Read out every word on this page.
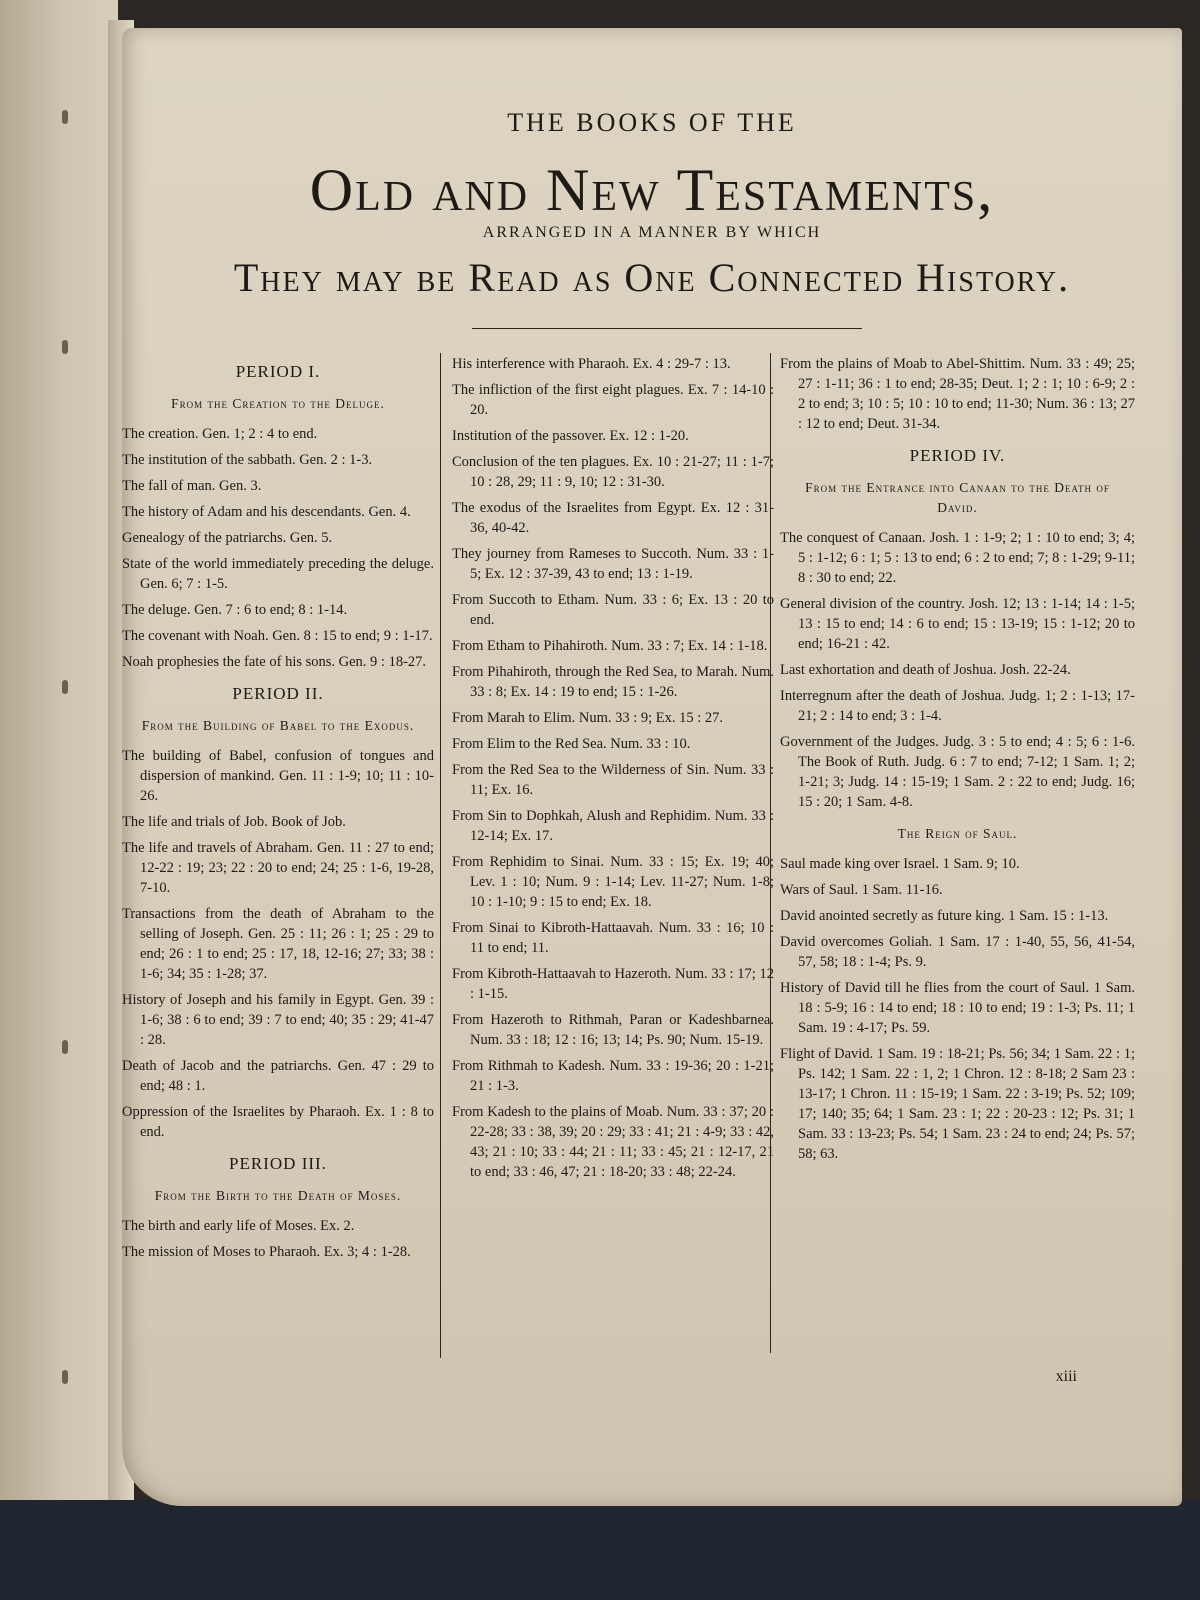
THE BOOKS OF THE
Old and New Testaments,
ARRANGED IN A MANNER BY WHICH
They may be Read as One Connected History.
PERIOD I.
From the Creation to the Deluge.
The creation. Gen. 1; 2 : 4 to end.
The institution of the sabbath. Gen. 2 : 1-3.
The fall of man. Gen. 3.
The history of Adam and his descendants. Gen. 4.
Genealogy of the patriarchs. Gen. 5.
State of the world immediately preceding the deluge. Gen. 6; 7 : 1-5.
The deluge. Gen. 7 : 6 to end; 8 : 1-14.
The covenant with Noah. Gen. 8 : 15 to end; 9 : 1-17.
Noah prophesies the fate of his sons. Gen. 9 : 18-27.
PERIOD II.
From the Building of Babel to the Exodus.
The building of Babel, confusion of tongues and dispersion of mankind. Gen. 11 : 1-9; 10; 11 : 10-26.
The life and trials of Job. Book of Job.
The life and travels of Abraham. Gen. 11 : 27 to end; 12-22 : 19; 23; 22 : 20 to end; 24; 25 : 1-6, 19-28, 7-10.
Transactions from the death of Abraham to the selling of Joseph. Gen. 25 : 11; 26 : 1; 25 : 29 to end; 26 : 1 to end; 25 : 17, 18, 12-16; 27; 33; 38 : 1-6; 34; 35 : 1-28; 37.
History of Joseph and his family in Egypt. Gen. 39 : 1-6; 38 : 6 to end; 39 : 7 to end; 40; 35 : 29; 41-47 : 28.
Death of Jacob and the patriarchs. Gen. 47 : 29 to end; 48 : 1.
Oppression of the Israelites by Pharaoh. Ex. 1 : 8 to end.
PERIOD III.
From the Birth to the Death of Moses.
The birth and early life of Moses. Ex. 2.
The mission of Moses to Pharaoh. Ex. 3; 4 : 1-28.
His interference with Pharaoh. Ex. 4 : 29-7 : 13.
The infliction of the first eight plagues. Ex. 7 : 14-10 : 20.
Institution of the passover. Ex. 12 : 1-20.
Conclusion of the ten plagues. Ex. 10 : 21-27; 11 : 1-7; 10 : 28, 29; 11 : 9, 10; 12 : 31-30.
The exodus of the Israelites from Egypt. Ex. 12 : 31-36, 40-42.
They journey from Rameses to Succoth. Num. 33 : 1-5; Ex. 12 : 37-39, 43 to end; 13 : 1-19.
From Succoth to Etham. Num. 33 : 6; Ex. 13 : 20 to end.
From Etham to Pihahiroth. Num. 33 : 7; Ex. 14 : 1-18.
From Pihahiroth, through the Red Sea, to Marah. Num. 33 : 8; Ex. 14 : 19 to end; 15 : 1-26.
From Marah to Elim. Num. 33 : 9; Ex. 15 : 27.
From Elim to the Red Sea. Num. 33 : 10.
From the Red Sea to the Wilderness of Sin. Num. 33 : 11; Ex. 16.
From Sin to Dophkah, Alush and Rephidim. Num. 33 : 12-14; Ex. 17.
From Rephidim to Sinai. Num. 33 : 15; Ex. 19; 40; Lev. 1 : 10; Num. 9 : 1-14; Lev. 11-27; Num. 1-8; 10 : 1-10; 9 : 15 to end; Ex. 18.
From Sinai to Kibroth-Hattaavah. Num. 33 : 16; 10 : 11 to end; 11.
From Kibroth-Hattaavah to Hazeroth. Num. 33 : 17; 12 : 1-15.
From Hazeroth to Rithmah, Paran or Kadeshbarnea. Num. 33 : 18; 12 : 16; 13; 14; Ps. 90; Num. 15-19.
From Rithmah to Kadesh. Num. 33 : 19-36; 20 : 1-21; 21 : 1-3.
From Kadesh to the plains of Moab. Num. 33 : 37; 20 : 22-28; 33 : 38, 39; 20 : 29; 33 : 41; 21 : 4-9; 33 : 42, 43; 21 : 10; 33 : 44; 21 : 11; 33 : 45; 21 : 12-17, 21 to end; 33 : 46, 47; 21 : 18-20; 33 : 48; 22-24.
From the plains of Moab to Abel-Shittim. Num. 33 : 49; 25; 27 : 1-11; 36 : 1 to end; 28-35; Deut. 1; 2 : 1; 10 : 6-9; 2 : 2 to end; 3; 10 : 5; 10 : 10 to end; 11-30; Num. 36 : 13; 27 : 12 to end; Deut. 31-34.
PERIOD IV.
From the Entrance into Canaan to the Death of David.
The conquest of Canaan. Josh. 1 : 1-9; 2; 1 : 10 to end; 3; 4; 5 : 1-12; 6 : 1; 5 : 13 to end; 6 : 2 to end; 7; 8 : 1-29; 9-11; 8 : 30 to end; 22.
General division of the country. Josh. 12; 13 : 1-14; 14 : 1-5; 13 : 15 to end; 14 : 6 to end; 15 : 13-19; 15 : 1-12; 20 to end; 16-21 : 42.
Last exhortation and death of Joshua. Josh. 22-24.
Interregnum after the death of Joshua. Judg. 1; 2 : 1-13; 17-21; 2 : 14 to end; 3 : 1-4.
Government of the Judges. Judg. 3 : 5 to end; 4 : 5; 6 : 1-6. The Book of Ruth. Judg. 6 : 7 to end; 7-12; 1 Sam. 1; 2; 1-21; 3; Judg. 14 : 15-19; 1 Sam. 2 : 22 to end; Judg. 16; 15 : 20; 1 Sam. 4-8.
The Reign of Saul.
Saul made king over Israel. 1 Sam. 9; 10.
Wars of Saul. 1 Sam. 11-16.
David anointed secretly as future king. 1 Sam. 15 : 1-13.
David overcomes Goliah. 1 Sam. 17 : 1-40, 55, 56, 41-54, 57, 58; 18 : 1-4; Ps. 9.
History of David till he flies from the court of Saul. 1 Sam. 18 : 5-9; 16 : 14 to end; 18 : 10 to end; 19 : 1-3; Ps. 11; 1 Sam. 19 : 4-17; Ps. 59.
Flight of David. 1 Sam. 19 : 18-21; Ps. 56; 34; 1 Sam. 22 : 1; Ps. 142; 1 Sam. 22 : 1, 2; 1 Chron. 12 : 8-18; 2 Sam 23 : 13-17; 1 Chron. 11 : 15-19; 1 Sam. 22 : 3-19; Ps. 52; 109; 17; 140; 35; 64; 1 Sam. 23 : 1; 22 : 20-23 : 12; Ps. 31; 1 Sam. 33 : 13-23; Ps. 54; 1 Sam. 23 : 24 to end; 24; Ps. 57; 58; 63.
xiii
